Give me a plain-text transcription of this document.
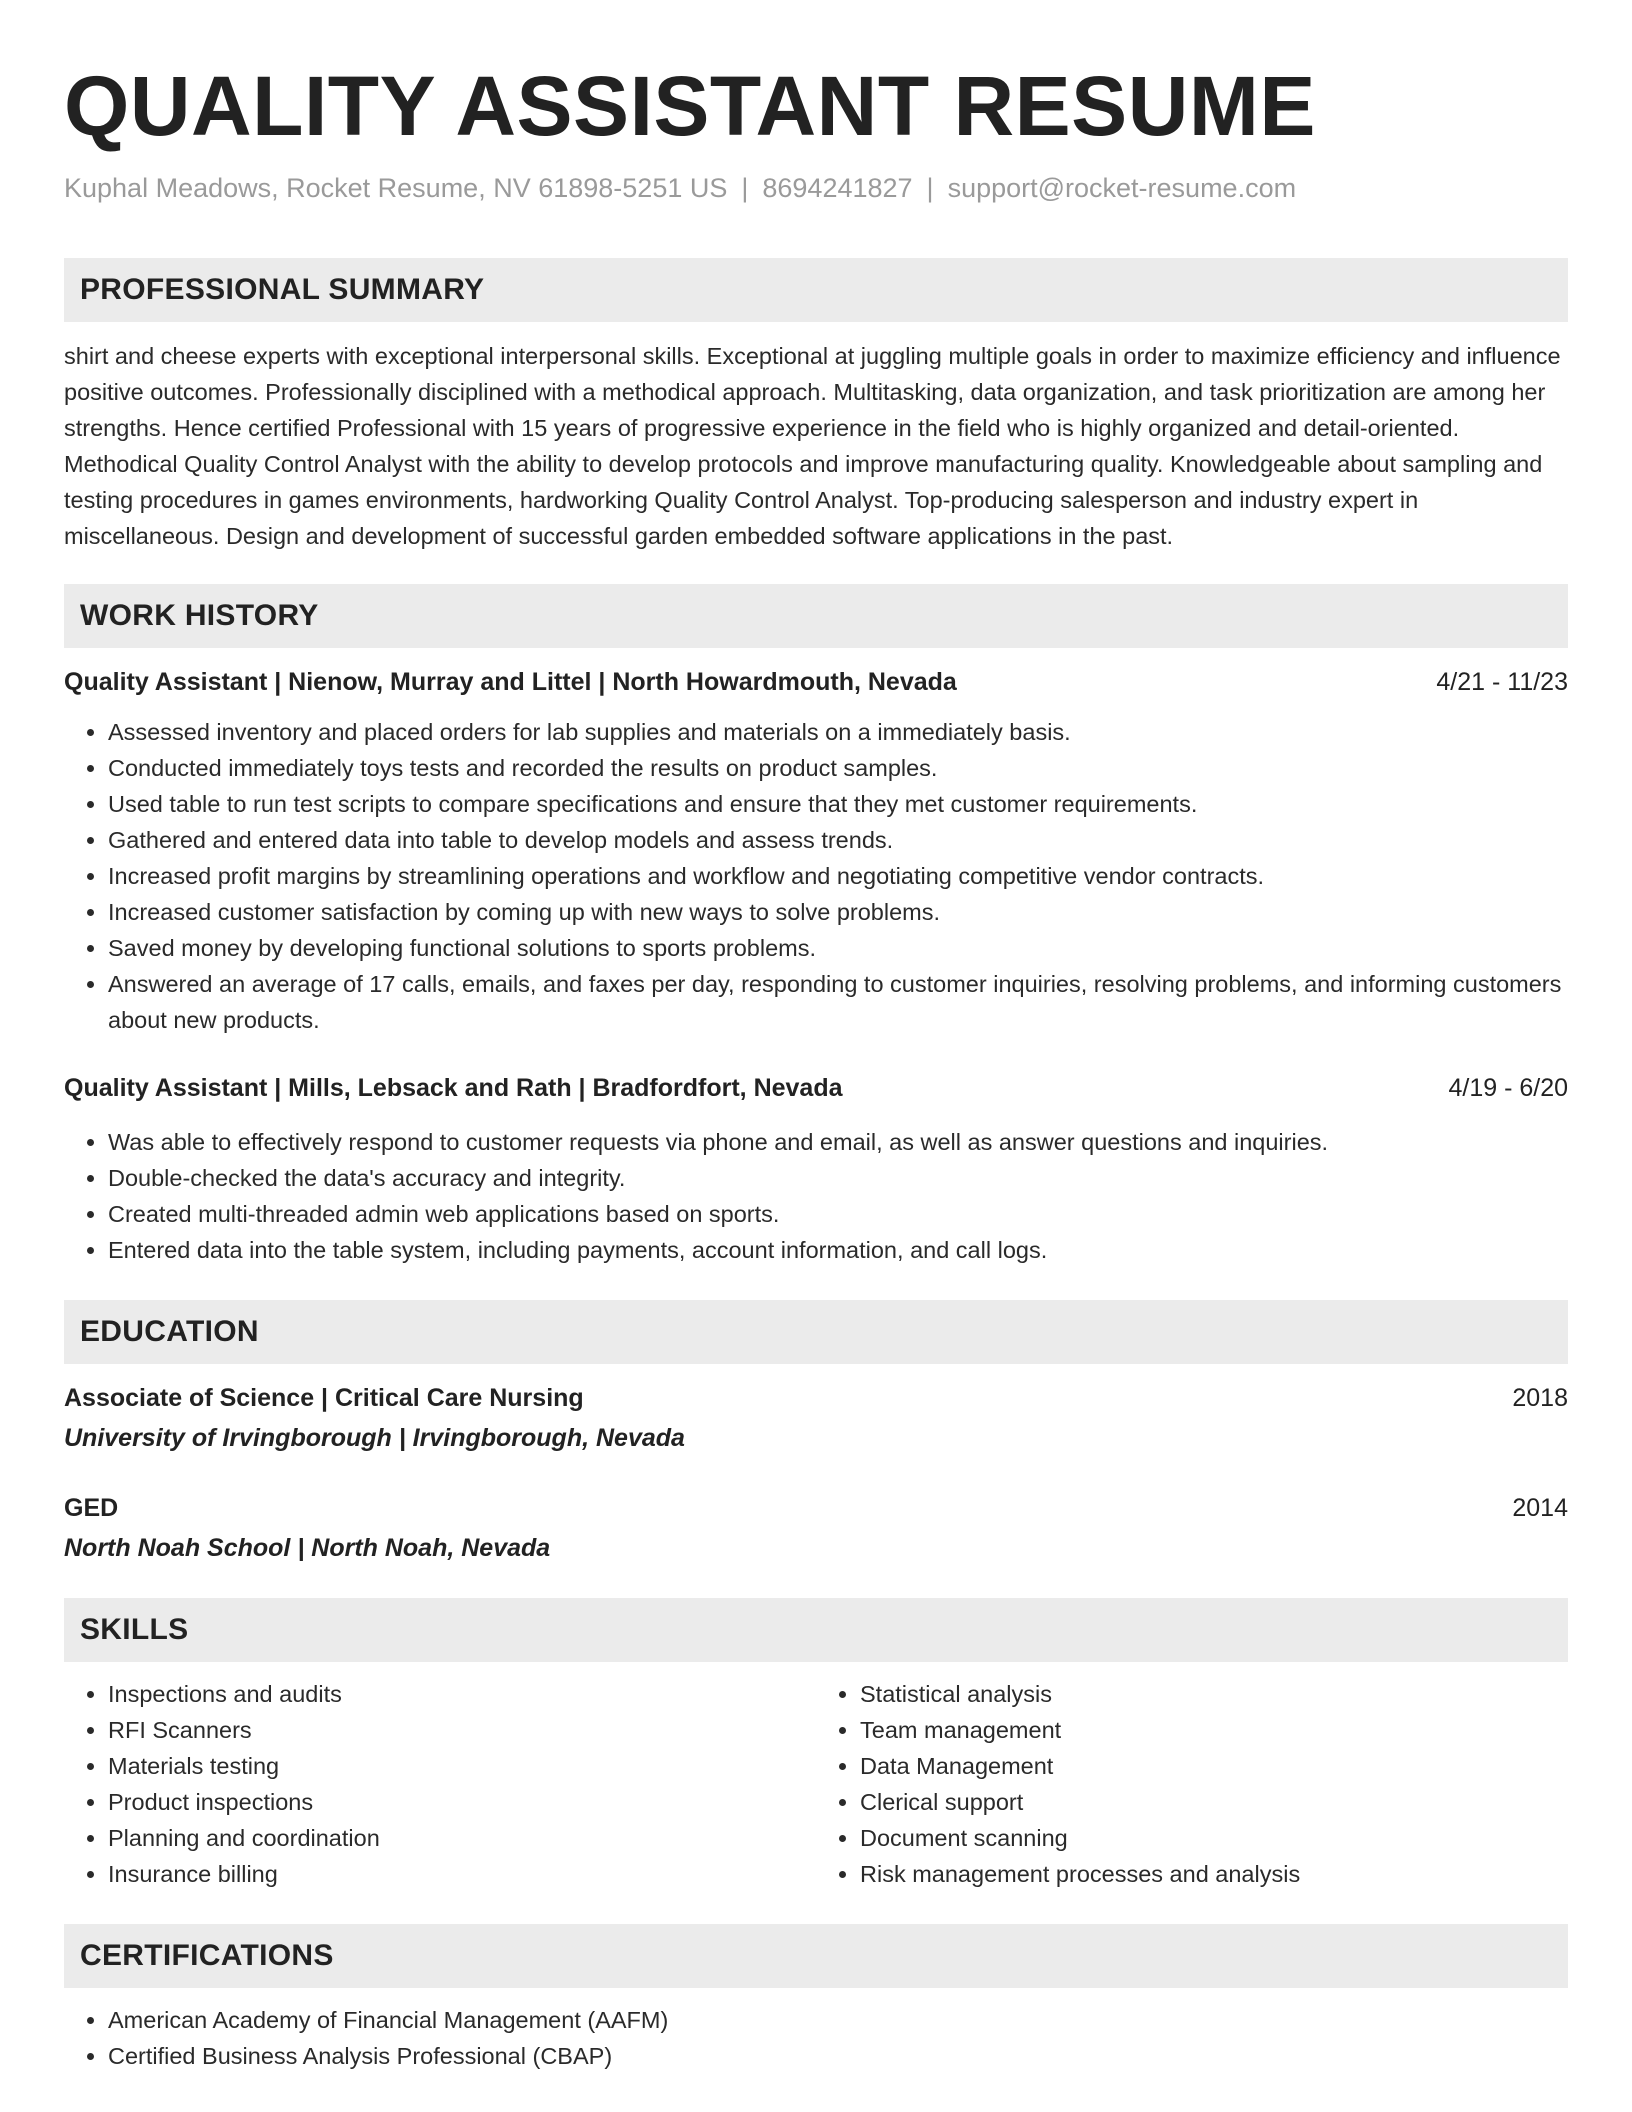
QUALITY ASSISTANT RESUME
Kuphal Meadows, Rocket Resume, NV 61898-5251 US | 8694241827 | support@rocket-resume.com
PROFESSIONAL SUMMARY

shirt and cheese experts with exceptional interpersonal skills. Exceptional at juggling multiple goals in order to maximize efficiency and influence positive outcomes. Professionally disciplined with a methodical approach. Multitasking, data organization, and task prioritization are among her strengths. Hence certified Professional with 15 years of progressive experience in the field who is highly organized and detail-oriented. Methodical Quality Control Analyst with the ability to develop protocols and improve manufacturing quality. Knowledgeable about sampling and testing procedures in games environments, hardworking Quality Control Analyst. Top-producing salesperson and industry expert in miscellaneous. Design and development of successful garden embedded software applications in the past.

WORK HISTORY
Quality Assistant | Nienow, Murray and Littel | North Howardmouth, Nevada	4/21 - 11/23
• Assessed inventory and placed orders for lab supplies and materials on a immediately basis.
• Conducted immediately toys tests and recorded the results on product samples.
• Used table to run test scripts to compare specifications and ensure that they met customer requirements.
• Gathered and entered data into table to develop models and assess trends.
• Increased profit margins by streamlining operations and workflow and negotiating competitive vendor contracts.
• Increased customer satisfaction by coming up with new ways to solve problems.
• Saved money by developing functional solutions to sports problems.
• Answered an average of 17 calls, emails, and faxes per day, responding to customer inquiries, resolving problems, and informing customers about new products.
Quality Assistant | Mills, Lebsack and Rath | Bradfordfort, Nevada	4/19 - 6/20
• Was able to effectively respond to customer requests via phone and email, as well as answer questions and inquiries.
• Double-checked the data's accuracy and integrity.
• Created multi-threaded admin web applications based on sports.
• Entered data into the table system, including payments, account information, and call logs.
EDUCATION
Associate of Science | Critical Care Nursing	2018
University of Irvingborough | Irvingborough, Nevada
GED	2014
North Noah School | North Noah, Nevada
SKILLS
• Inspections and audits
• RFI Scanners
• Materials testing
• Product inspections
• Planning and coordination
• Insurance billing
• Statistical analysis
• Team management
• Data Management
• Clerical support
• Document scanning
• Risk management processes and analysis
CERTIFICATIONS
• American Academy of Financial Management (AAFM)
• Certified Business Analysis Professional (CBAP)
